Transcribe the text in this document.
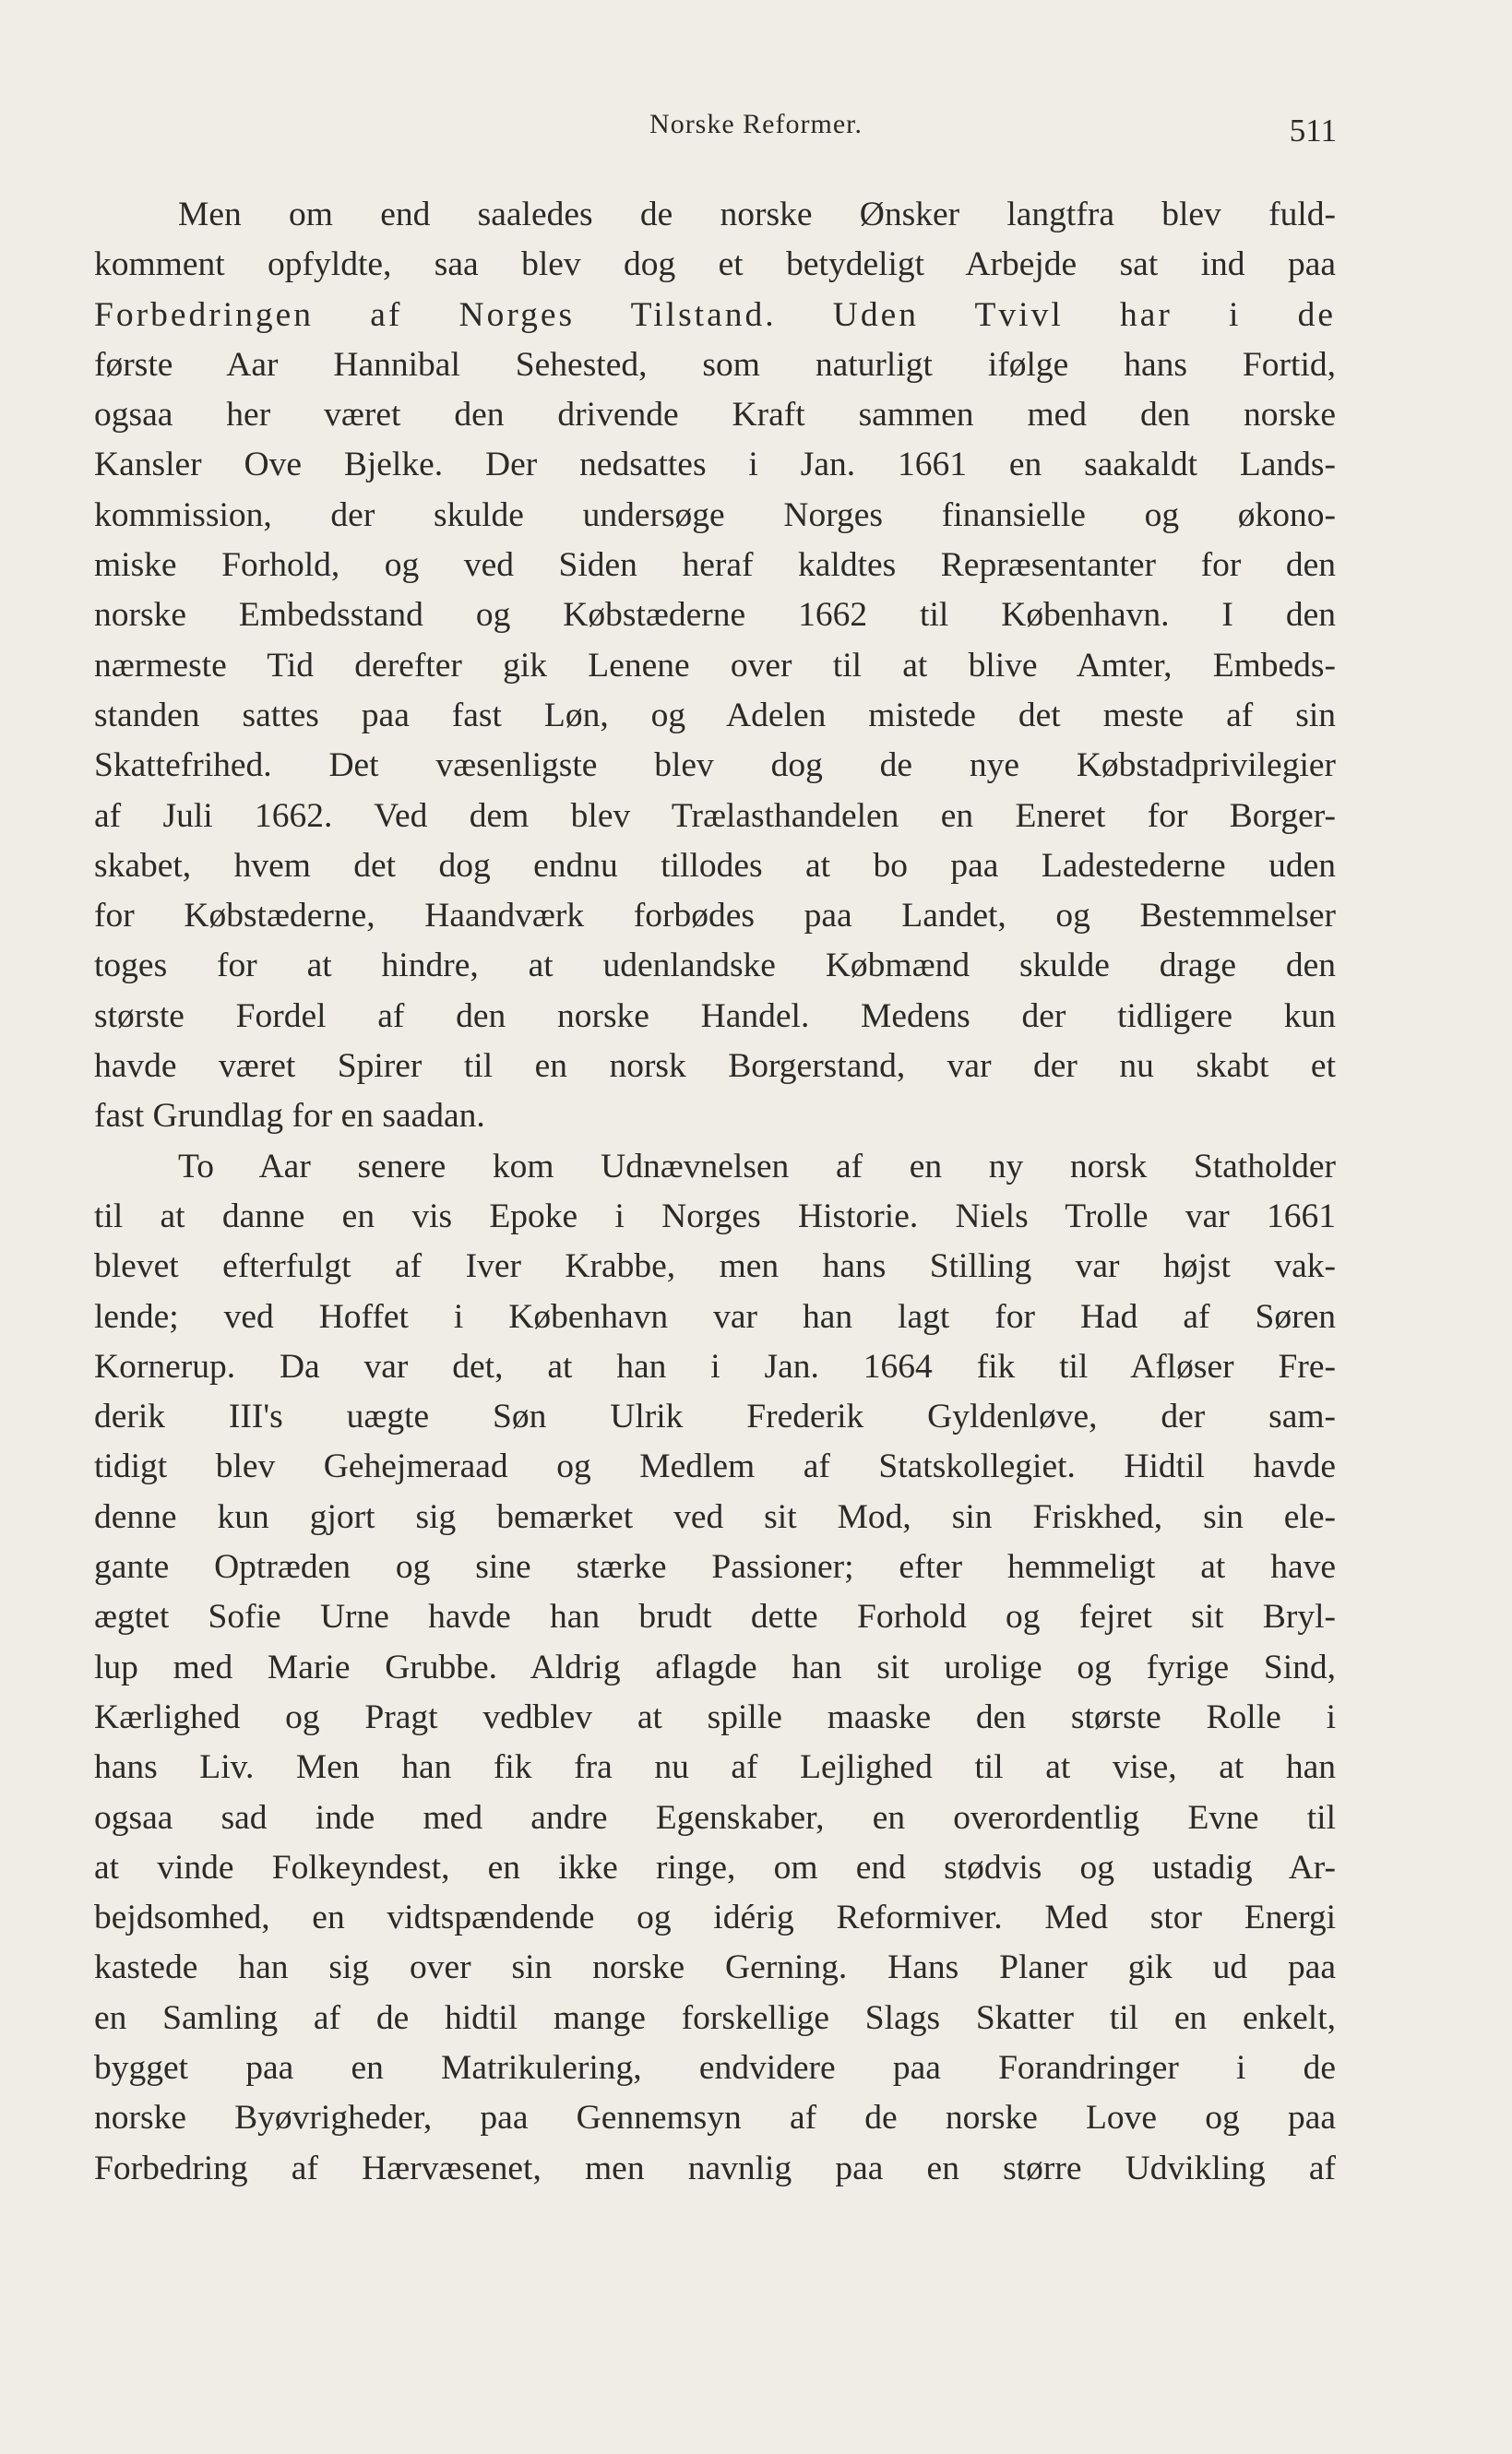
Norske Reformer.	511
Men om end saaledes de norske Ønsker langtfra blev fuld-
komment opfyldte, saa blev dog et betydeligt Arbejde sat ind paa
Forbedringen af Norges Tilstand. Uden Tvivl har i de
første Aar Hannibal Sehested, som naturligt ifølge hans Fortid,
ogsaa her været den drivende Kraft sammen med den norske
Kansler Ove Bjelke. Der nedsattes i Jan. 1661 en saakaldt Lands-
kommission, der skulde undersøge Norges finansielle og økono-
miske Forhold, og ved Siden heraf kaldtes Repræsentanter for den
norske Embedsstand og Købstæderne 1662 til København. I den
nærmeste Tid derefter gik Lenene over til at blive Amter, Embeds-
standen sattes paa fast Løn, og Adelen mistede det meste af sin
Skattefrihed. Det væsenligste blev dog de nye Købstadprivilegier
af Juli 1662. Ved dem blev Trælasthandelen en Eneret for Borger-
skabet, hvem det dog endnu tillodes at bo paa Ladestederne uden
for Købstæderne, Haandværk forbødes paa Landet, og Bestemmelser
toges for at hindre, at udenlandske Købmænd skulde drage den
største Fordel af den norske Handel. Medens der tidligere kun
havde været Spirer til en norsk Borgerstand, var der nu skabt et
fast Grundlag for en saadan.
To Aar senere kom Udnævnelsen af en ny norsk Statholder
til at danne en vis Epoke i Norges Historie. Niels Trolle var 1661
blevet efterfulgt af Iver Krabbe, men hans Stilling var højst vak-
lende; ved Hoffet i København var han lagt for Had af Søren
Kornerup. Da var det, at han i Jan. 1664 fik til Afløser Fre-
derik III's uægte Søn Ulrik Frederik Gyldenløve, der sam-
tidigt blev Gehejmeraad og Medlem af Statskollegiet. Hidtil havde
denne kun gjort sig bemærket ved sit Mod, sin Friskhed, sin ele-
gante Optræden og sine stærke Passioner; efter hemmeligt at have
ægtet Sofie Urne havde han brudt dette Forhold og fejret sit Bryl-
lup med Marie Grubbe. Aldrig aflagde han sit urolige og fyrige Sind,
Kærlighed og Pragt vedblev at spille maaske den største Rolle i
hans Liv. Men han fik fra nu af Lejlighed til at vise, at han
ogsaa sad inde med andre Egenskaber, en overordentlig Evne til
at vinde Folkeyndest, en ikke ringe, om end stødvis og ustadig Ar-
bejdsomhed, en vidtspændende og idérig Reformiver. Med stor Energi
kastede han sig over sin norske Gerning. Hans Planer gik ud paa
en Samling af de hidtil mange forskellige Slags Skatter til en enkelt,
bygget paa en Matrikulering, endvidere paa Forandringer i de
norske Byøvrigheder, paa Gennemsyn af de norske Love og paa
Forbedring af Hærvæsenet, men navnlig paa en større Udvikling af
